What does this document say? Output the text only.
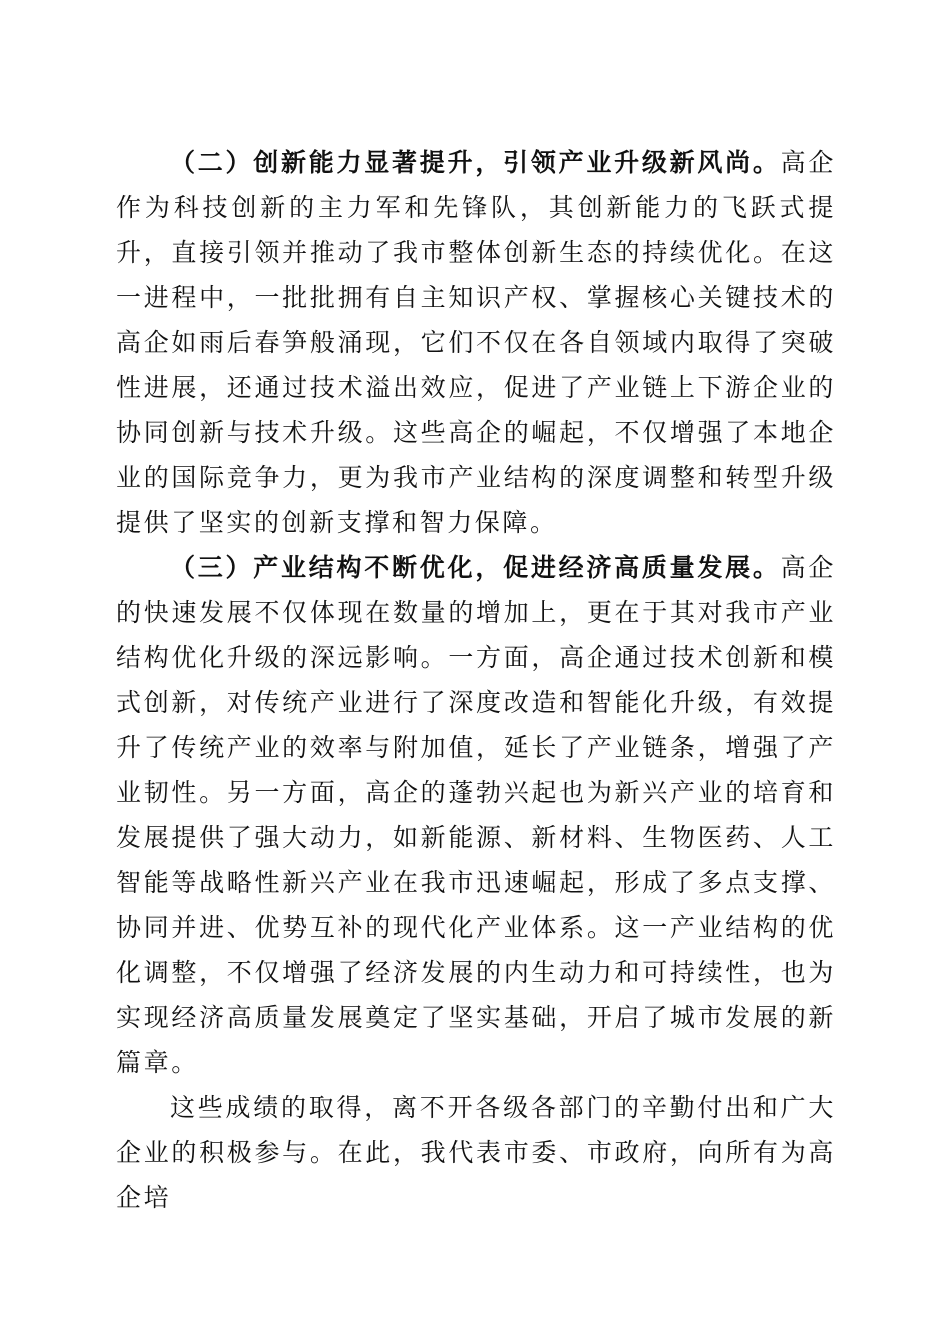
（二）创新能力显著提升，引领产业升级新风尚。高企作为科技创新的主力军和先锋队，其创新能力的飞跃式提升，直接引领并推动了我市整体创新生态的持续优化。在这一进程中，一批批拥有自主知识产权、掌握核心关键技术的高企如雨后春笋般涌现，它们不仅在各自领域内取得了突破性进展，还通过技术溢出效应，促进了产业链上下游企业的协同创新与技术升级。这些高企的崛起，不仅增强了本地企业的国际竞争力，更为我市产业结构的深度调整和转型升级提供了坚实的创新支撑和智力保障。

（三）产业结构不断优化，促进经济高质量发展。高企的快速发展不仅体现在数量的增加上，更在于其对我市产业结构优化升级的深远影响。一方面，高企通过技术创新和模式创新，对传统产业进行了深度改造和智能化升级，有效提升了传统产业的效率与附加值，延长了产业链条，增强了产业韧性。另一方面，高企的蓬勃兴起也为新兴产业的培育和发展提供了强大动力，如新能源、新材料、生物医药、人工智能等战略性新兴产业在我市迅速崛起，形成了多点支撑、协同并进、优势互补的现代化产业体系。这一产业结构的优化调整，不仅增强了经济发展的内生动力和可持续性，也为实现经济高质量发展奠定了坚实基础，开启了城市发展的新篇章。

这些成绩的取得，离不开各级各部门的辛勤付出和广大企业的积极参与。在此，我代表市委、市政府，向所有为高企培
